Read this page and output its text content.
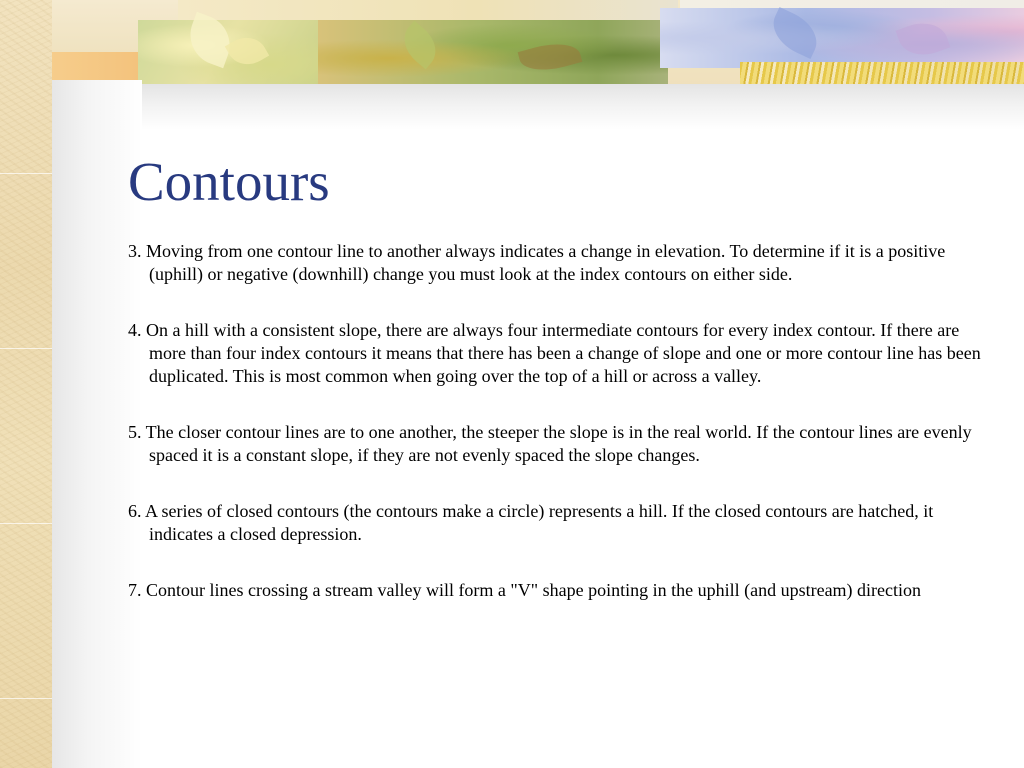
Contours
3. Moving from one contour line to another always indicates a change in elevation. To determine if it is a positive (uphill) or negative (downhill) change you must look at the index contours on either side.
4. On a hill with a consistent slope, there are always four intermediate contours for every index contour. If there are more than four index contours it means that there has been a change of slope and one or more contour line has been duplicated. This is most common when going over the top of a hill or across a valley.
5. The closer contour lines are to one another, the steeper the slope is in the real world. If the contour lines are evenly spaced it is a constant slope, if they are not evenly spaced the slope changes.
6. A series of closed contours (the contours make a circle) represents a hill. If the closed contours are hatched, it indicates a closed depression.
7. Contour lines crossing a stream valley will form a "V" shape pointing in the uphill (and upstream) direction
